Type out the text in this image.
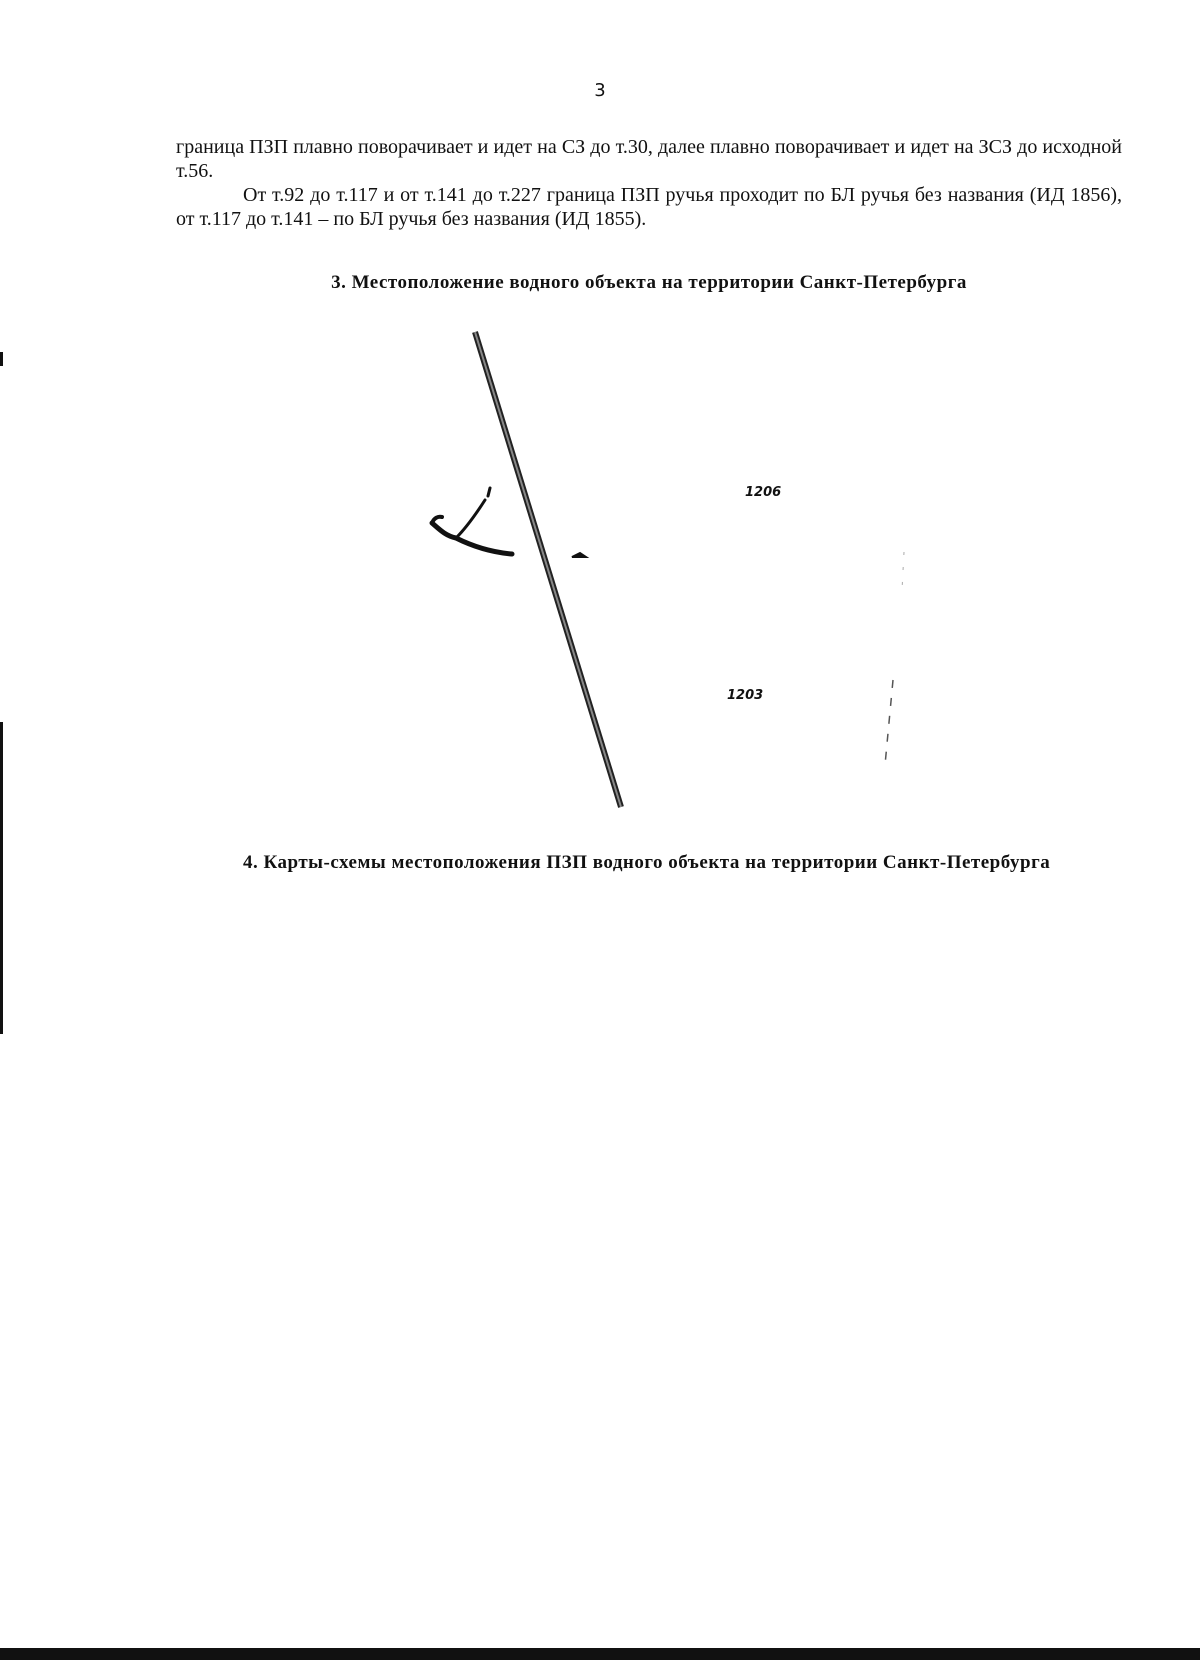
3

граница ПЗП плавно поворачивает и идет на СЗ до т.30, далее плавно поворачивает и идет на ЗСЗ до исходной т.56.

От т.92 до т.117 и от т.141 до т.227 граница ПЗП ручья проходит по БЛ ручья без названия (ИД 1856), от т.117 до т.141 – по БЛ ручья без названия (ИД 1855).

3. Местоположение водного объекта на территории Санкт-Петербурга
1206
1203
4. Карты-схемы местоположения ПЗП водного объекта на территории Санкт-Петербурга
